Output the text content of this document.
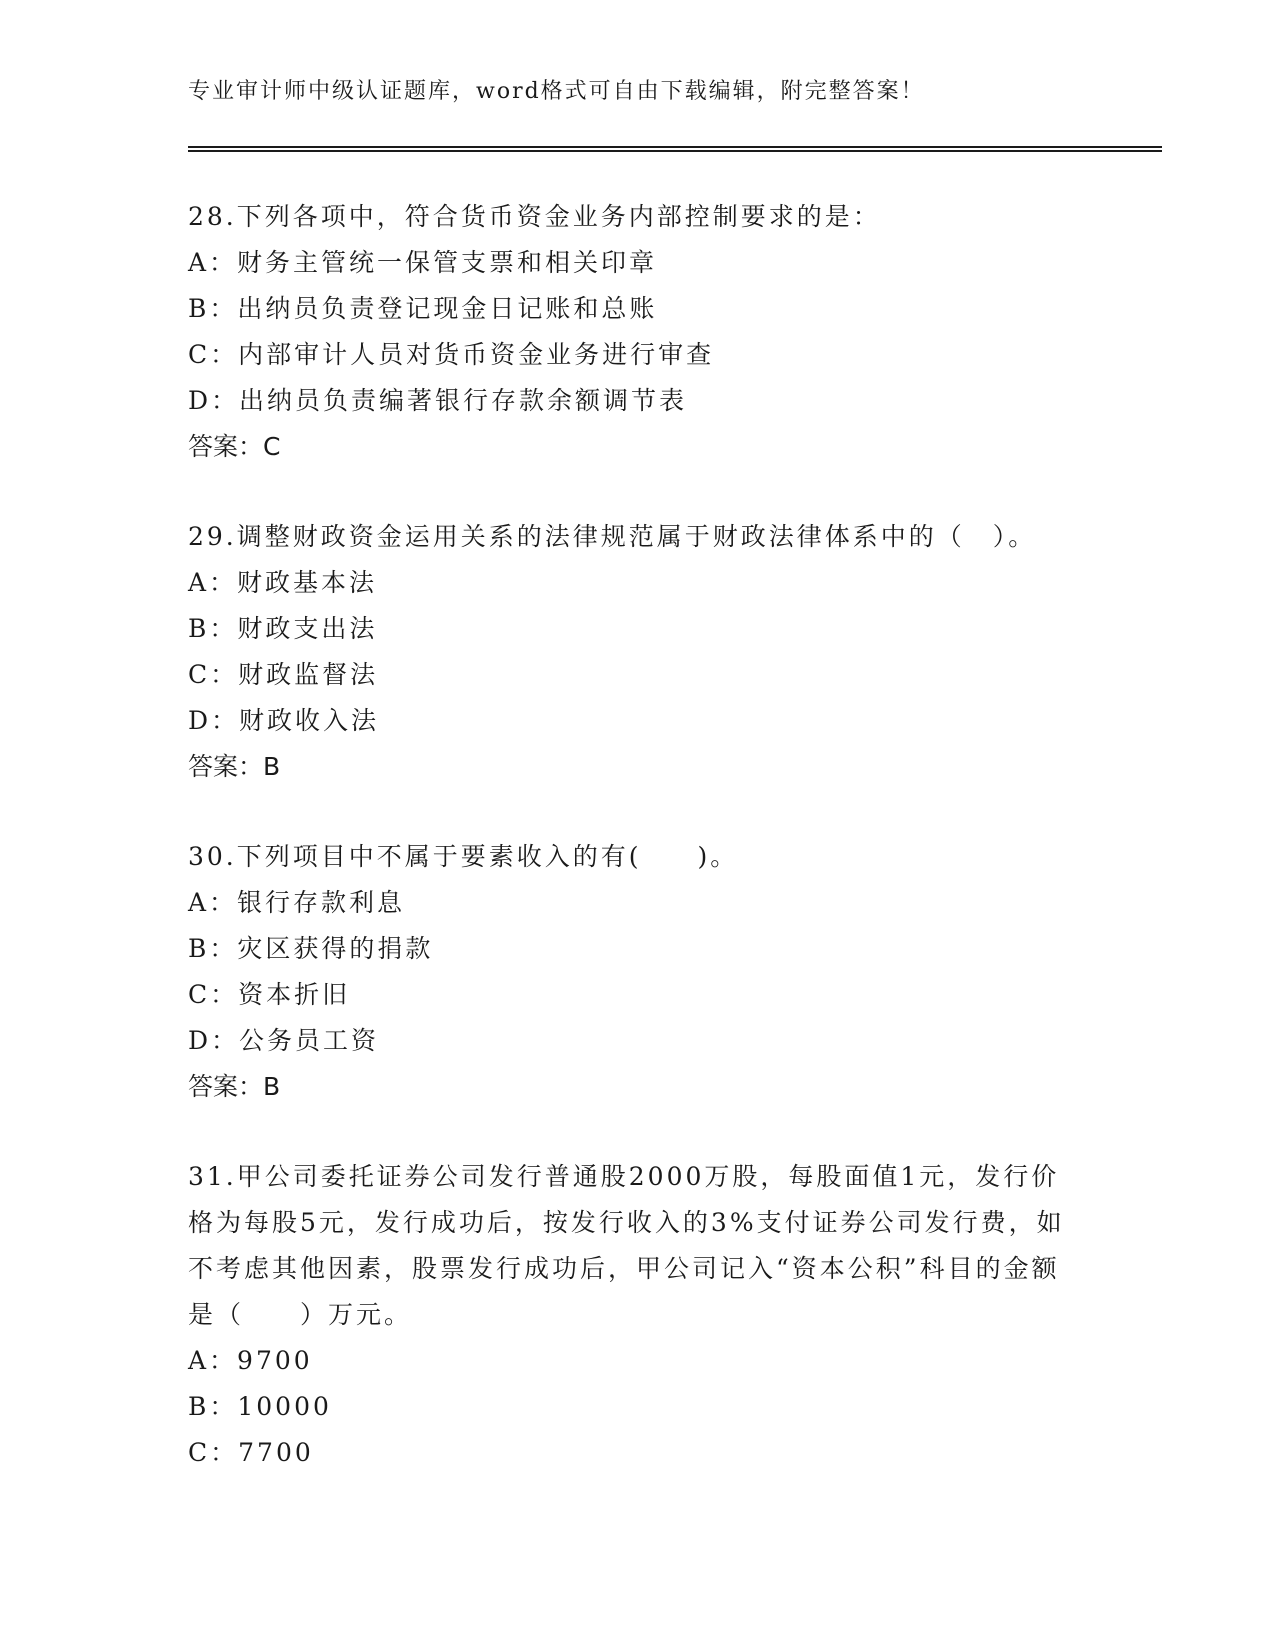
专业审计师中级认证题库，word格式可自由下载编辑，附完整答案！
28.下列各项中，符合货币资金业务内部控制要求的是：
A：财务主管统一保管支票和相关印章
B：出纳员负责登记现金日记账和总账
C：内部审计人员对货币资金业务进行审查
D：出纳员负责编著银行存款余额调节表
答案：C
29.调整财政资金运用关系的法律规范属于财政法律体系中的（　）。
A：财政基本法
B：财政支出法
C：财政监督法
D：财政收入法
答案：B
30.下列项目中不属于要素收入的有(　　)。
A：银行存款利息
B：灾区获得的捐款
C：资本折旧
D：公务员工资
答案：B
31.甲公司委托证券公司发行普通股2000万股，每股面值1元，发行价格为每股5元，发行成功后，按发行收入的3%支付证券公司发行费，如不考虑其他因素，股票发行成功后，甲公司记入“资本公积”科目的金额是（　　）万元。
A：9700
B：10000
C：7700
